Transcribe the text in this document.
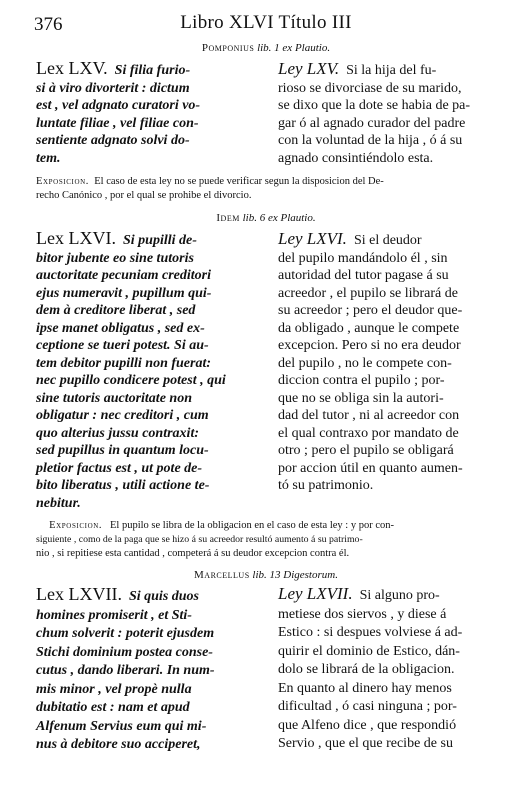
376	Libro XLVI Título III
Pomponius lib. 1 ex Plautio.
Lex LXV. Si filia furio-
si à viro divorterit : dictum
est , vel adgnato curatori vo-
luntate filiae , vel filiae con-
sentiente adgnato solvi do-
tem.
Ley LXV. Si la hija del fu-
rioso se divorciase de su marido,
se dixo que la dote se habia de pa-
gar ó al agnado curador del padre
con la voluntad de la hija , ó á su
agnado consintiéndolo esta.
Exposicion. El caso de esta ley no se puede verificar segun la disposicion del De-
recho Canónico , por el qual se prohibe el divorcio.
Idem lib. 6 ex Plautio.
Lex LXVI. Si pupilli de-
bitor jubente eo sine tutoris
auctoritate pecuniam creditori
ejus numeravit , pupillum qui-
dem à creditore liberat , sed
ipse manet obligatus , sed ex-
ceptione se tueri potest. Si au-
tem debitor pupilli non fuerat:
nec pupillo condicere potest , qui
sine tutoris auctoritate non
obligatur : nec creditori , cum
quo alterius jussu contraxit:
sed pupillus in quantum locu-
pletior factus est , ut pote de-
bito liberatus , utili actione te-
nebitur.
Ley LXVI. Si el deudor
del pupilo mandándolo él , sin
autoridad del tutor pagase á su
acreedor , el pupilo se librará de
su acreedor ; pero el deudor que-
da obligado , aunque le compete
excepcion. Pero si no era deudor
del pupilo , no le compete con-
diccion contra el pupilo ; por-
que no se obliga sin la autori-
dad del tutor , ni al acreedor con
el qual contraxo por mandato de
otro ; pero el pupilo se obligará
por accion útil en quanto aumen-
tó su patrimonio.
Exposicion. El pupilo se libra de la obligacion en el caso de esta ley : y por con-
siguiente , como de la paga que se hizo á su acreedor resultó aumento á su patrimo-
nio , si repitiese esta cantidad , competerá á su deudor excepcion contra él.
Marcellus lib. 13 Digestorum.
Lex LXVII. Si quis duos
homines promiserit , et Sti-
chum solverit : poterit ejusdem
Stichi dominium postea conse-
cutus , dando liberari. In num-
mis minor , vel propè nulla
dubitatio est : nam et apud
Alfenum Servius eum qui mi-
nus à debitore suo acciperet,
Ley LXVII. Si alguno pro-
metiese dos siervos , y diese á
Estico : si despues volviese á ad-
quirir el dominio de Estico, dán-
dolo se librará de la obligacion.
En quanto al dinero hay menos
dificultad , ó casi ninguna ; por-
que Alfeno dice , que respondió
Servio , que el que recibe de su
